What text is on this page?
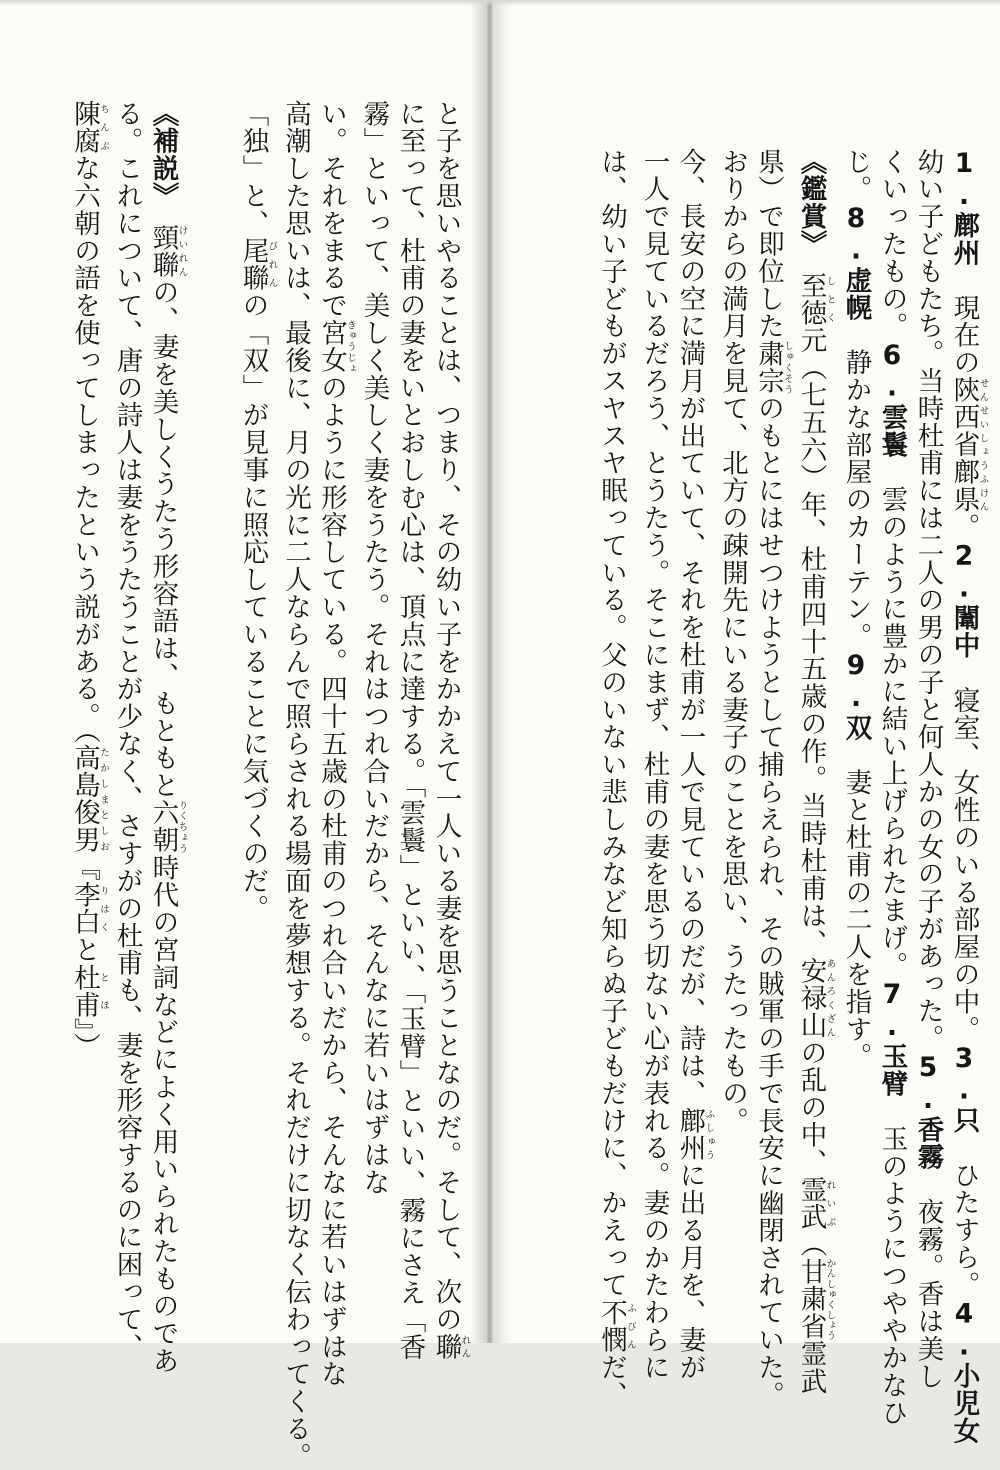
1.鄜州　現在の陝西省鄜県せんせいしょうふけん。2.闈中　寝室、女性のいる部屋の中。3.只　ひたすら。4.小児女
幼い子どもたち。当時杜甫には二人の男の子と何人かの女の子があった。5.香霧　夜霧。香は美し
くいったもの。6.雲鬟　雲のように豊かに結い上げられたまげ。7.玉臂　玉のようにつややかなひ
じ。8.虚幌　静かな部屋のカーテン。9.双　妻と杜甫の二人を指す。
《鑑賞》　至徳しとく元（七五六）年、杜甫四十五歳の作。当時杜甫は、安禄山あんろくざんの乱の中、霊武れいぶ（甘粛省かんしゅくしょう霊武
県）で即位した粛宗しゅくそうのもとにはせつけようとして捕らえられ、その賊軍の手で長安に幽閉されていた。
おりからの満月を見て、北方の疎開先にいる妻子のことを思い、うたったもの。
今、長安の空に満月が出ていて、それを杜甫が一人で見ているのだが、詩は、鄜州ふしゅうに出る月を、妻が
一人で見ているだろう、とうたう。そこにまず、杜甫の妻を思う切ない心が表れる。妻のかたわらに
は、幼い子どもがスヤスヤ眠っている。父のいない悲しみなど知らぬ子どもだけに、かえって不憫ふびんだ、
と子を思いやることは、つまり、その幼い子をかかえて一人いる妻を思うことなのだ。そして、次の聯れん
に至って、杜甫の妻をいとおしむ心は、頂点に達する。「雲鬟」といい、「玉臂」といい、霧にさえ「香
霧」といって、美しく美しく妻をうたう。それはつれ合いだから、そんなに若いはずはな
い。それをまるで宮女きゅうじょのように形容している。四十五歳の杜甫のつれ合いだから、そんなに若いはずはな
高潮した思いは、最後に、月の光に二人ならんで照らされる場面を夢想する。それだけに切なく伝わってくる。
「独」と、尾聯びれんの「双」が見事に照応していることに気づくのだ。
《補説》　頸聯けいれんの、妻を美しくうたう形容語は、もともと六朝りくちょう時代の宮詞などによく用いられたものであ
る。これについて、唐の詩人は妻をうたうことが少なく、さすがの杜甫も、妻を形容するのに困って、
陳腐ちんぷな六朝の語を使ってしまったという説がある。（高島俊男たかしまとしお『李白りはくと杜甫とほ』）
